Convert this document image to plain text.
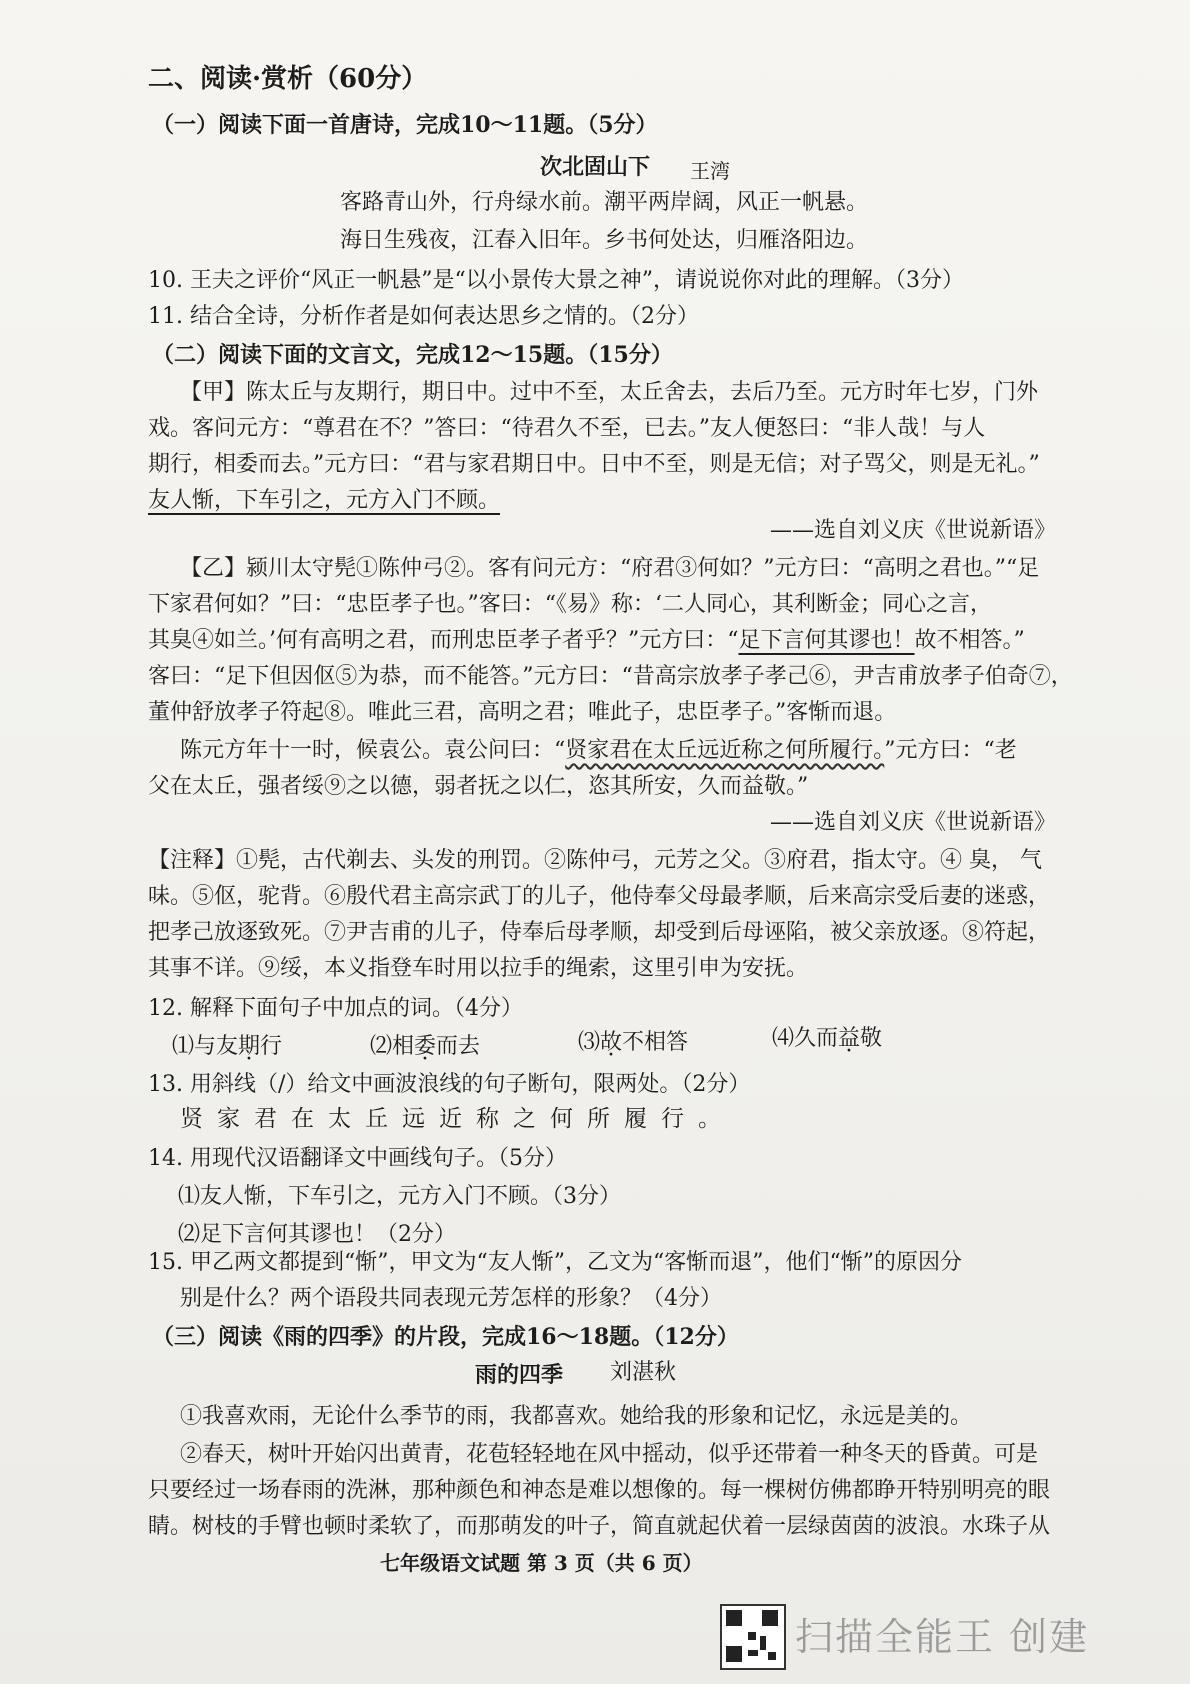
二、阅读·赏析（60分）
（一）阅读下面一首唐诗，完成10～11题。（5分）
次北固山下 王湾
客路青山外，行舟绿水前。潮平两岸阔，风正一帆悬。
海日生残夜，江春入旧年。乡书何处达，归雁洛阳边。
10. 王夫之评价“风正一帆悬”是“以小景传大景之神”，请说说你对此的理解。（3分）
11. 结合全诗，分析作者是如何表达思乡之情的。（2分）
（二）阅读下面的文言文，完成12～15题。（15分）
【甲】陈太丘与友期行，期日中。过中不至，太丘舍去，去后乃至。元方时年七岁，门外
戏。客问元方：“尊君在不？”答曰：“待君久不至，已去。”友人便怒曰：“非人哉！与人
期行，相委而去。”元方曰：“君与家君期日中。日中不至，则是无信；对子骂父，则是无礼。”
友人惭，下车引之，元方入门不顾。
——选自刘义庆《世说新语》
【乙】颍川太守髡①陈仲弓②。客有问元方：“府君③何如？”元方曰：“高明之君也。”“足
下家君何如？”曰：“忠臣孝子也。”客曰：“《易》称：‘二人同心，其利断金；同心之言，
其臭④如兰。’何有高明之君，而刑忠臣孝子者乎？”元方曰：“足下言何其谬也！故不相答。”
客曰：“足下但因伛⑤为恭，而不能答。”元方曰：“昔高宗放孝子孝己⑥，尹吉甫放孝子伯奇⑦，
董仲舒放孝子符起⑧。唯此三君，高明之君；唯此子，忠臣孝子。”客惭而退。
陈元方年十一时，候袁公。袁公问曰：“贤家君在太丘远近称之何所履行。”元方曰：“老
父在太丘，强者绥⑨之以德，弱者抚之以仁，恣其所安，久而益敬。”
——选自刘义庆《世说新语》
【注释】①髡，古代剃去、头发的刑罚。②陈仲弓，元芳之父。③府君，指太守。④ 臭， 气
味。⑤伛，驼背。⑥殷代君主高宗武丁的儿子，他侍奉父母最孝顺，后来高宗受后妻的迷惑，
把孝己放逐致死。⑦尹吉甫的儿子，侍奉后母孝顺，却受到后母诬陷，被父亲放逐。⑧符起，
其事不详。⑨绥，本义指登车时用以拉手的绳索，这里引申为安抚。
12. 解释下面句子中加点的词。（4分）
⑴与友期行	⑵相委而去	⑶故不相答	⑷久而益敬
13. 用斜线（/）给文中画波浪线的句子断句，限两处。（2分）
贤 家 君 在 太 丘 远 近 称 之 何 所 履 行 。
14. 用现代汉语翻译文中画线句子。（5分）
⑴友人惭，下车引之，元方入门不顾。（3分）
⑵足下言何其谬也！（2分）
15. 甲乙两文都提到“惭”，甲文为“友人惭”，乙文为“客惭而退”，他们“惭”的原因分
别是什么？两个语段共同表现元芳怎样的形象？（4分）
（三）阅读《雨的四季》的片段，完成16～18题。（12分）
雨的四季 刘湛秋
①我喜欢雨，无论什么季节的雨，我都喜欢。她给我的形象和记忆，永远是美的。
②春天，树叶开始闪出黄青，花苞轻轻地在风中摇动，似乎还带着一种冬天的昏黄。可是
只要经过一场春雨的洗淋，那种颜色和神态是难以想像的。每一棵树仿佛都睁开特别明亮的眼
睛。树枝的手臂也顿时柔软了，而那萌发的叶子，简直就起伏着一层绿茵茵的波浪。水珠子从
七年级语文试题 第 3 页（共 6 页）
扫描全能王 创建
